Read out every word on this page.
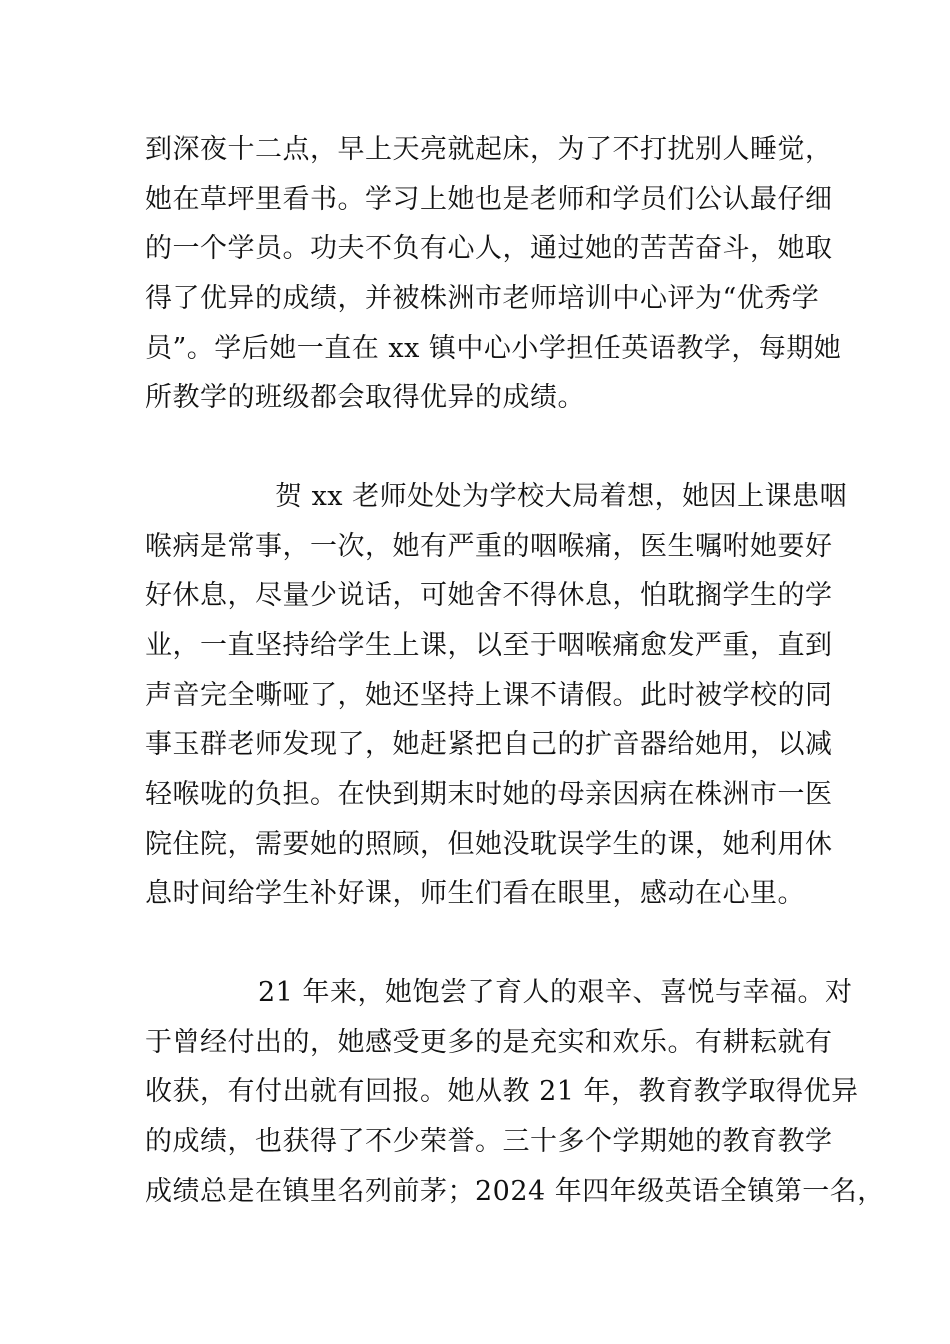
到深夜十二点，早上天亮就起床，为了不打扰别人睡觉，
她在草坪里看书。学习上她也是老师和学员们公认最仔细
的一个学员。功夫不负有心人，通过她的苦苦奋斗，她取
得了优异的成绩，并被株洲市老师培训中心评为“优秀学
员”。学后她一直在 xx 镇中心小学担任英语教学，每期她
所教学的班级都会取得优异的成绩。
贺 xx 老师处处为学校大局着想，她因上课患咽
喉病是常事，一次，她有严重的咽喉痛，医生嘱咐她要好
好休息，尽量少说话，可她舍不得休息，怕耽搁学生的学
业，一直坚持给学生上课，以至于咽喉痛愈发严重，直到
声音完全嘶哑了，她还坚持上课不请假。此时被学校的同
事玉群老师发现了，她赶紧把自己的扩音器给她用，以减
轻喉咙的负担。在快到期末时她的母亲因病在株洲市一医
院住院，需要她的照顾，但她没耽误学生的课，她利用休
息时间给学生补好课，师生们看在眼里，感动在心里。
21 年来，她饱尝了育人的艰辛、喜悦与幸福。对
于曾经付出的，她感受更多的是充实和欢乐。有耕耘就有
收获，有付出就有回报。她从教 21 年，教育教学取得优异
的成绩，也获得了不少荣誉。三十多个学期她的教育教学
成绩总是在镇里名列前茅；2024 年四年级英语全镇第一名，
